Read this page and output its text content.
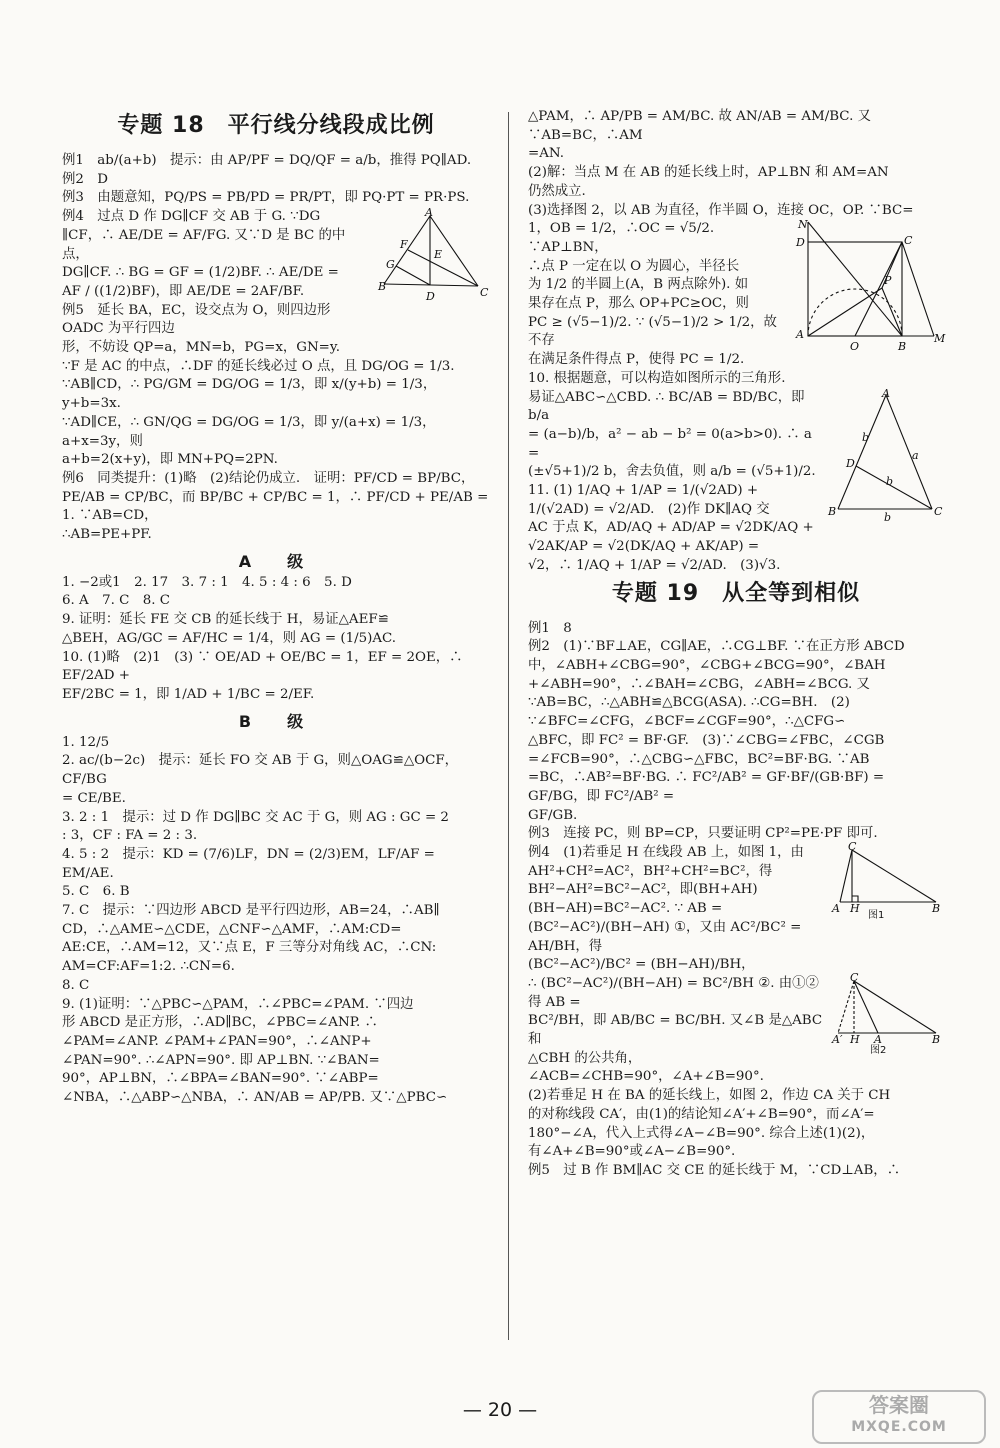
专题 18　平行线分线段成比例

例1　ab/(a+b)　提示：由 AP/PF = DQ/QF = a/b，推得 PQ∥AD.

例2　D

例3　由题意知，PQ/PS = PB/PD = PR/PT，即 PQ·PT = PR·PS.

A
B	C
D
E
F
G

例4　过点 D 作 DG∥CF 交 AB 于 G. ∵DG

∥CF，∴ AE/DE = AF/FG. 又∵D 是 BC 的中点，

DG∥CF. ∴ BG = GF = (1/2)BF. ∴ AE/DE =

AF / ((1/2)BF)，即 AE/DE = 2AF/BF.

例5　延长 BA，EC，设交点为 O，则四边形 OADC 为平行四边

形，不妨设 QP=a，MN=b，PG=x，GN=y.

∵F 是 AC 的中点，∴DF 的延长线必过 O 点，且 DG/OG = 1/3.

∵AB∥CD，∴ PG/GM = DG/OG = 1/3，即 x/(y+b) = 1/3，y+b=3x.

∵AD∥CE，∴ GN/QG = DG/OG = 1/3，即 y/(a+x) = 1/3，a+x=3y，则

a+b=2(x+y)，即 MN+PQ=2PN.

例6　同类提升：(1)略　(2)结论仍成立.　证明：PF/CD = BP/BC，

PE/AB = CP/BC，而 BP/BC + CP/BC = 1，∴ PF/CD + PE/AB = 1. ∵AB=CD，

∴AB=PE+PF.

A　级

1. −2或1　2. 17　3. 7 : 1　4. 5 : 4 : 6　5. D

6. A　7. C　8. C

9. 证明：延长 FE 交 CB 的延长线于 H，易证△AEF≌

△BEH，AG/GC = AF/HC = 1/4，则 AG = (1/5)AC.

10. (1)略　(2)1　(3) ∵ OE/AD + OE/BC = 1，EF = 2OE，∴ EF/2AD +

EF/2BC = 1，即 1/AD + 1/BC = 2/EF.

B　级

1. 12/5

2. ac/(b−2c)　提示：延长 FO 交 AB 于 G，则△OAG≌△OCF，CF/BG

= CE/BE.

3. 2 : 1　提示：过 D 作 DG∥BC 交 AC 于 G，则 AG : GC = 2

: 3，CF : FA = 2 : 3.

4. 5 : 2　提示：KD = (7/6)LF，DN = (2/3)EM，LF/AF = EM/AE.

5. C　6. B

7. C　提示：∵四边形 ABCD 是平行四边形，AB=24，∴AB∥

CD，∴△AME∽△CDE，△CNF∽△AMF，∴AM:CD=

AE:CE，∴AM=12，又∵点 E，F 三等分对角线 AC，∴CN:

AM=CF:AF=1:2. ∴CN=6.

8. C

9. (1)证明：∵△PBC∽△PAM，∴∠PBC=∠PAM. ∵四边

形 ABCD 是正方形，∴AD∥BC，∠PBC=∠ANP. ∴

∠PAM=∠ANP. ∠PAM+∠PAN=90°，∴∠ANP+

∠PAN=90°. ∴∠APN=90°. 即 AP⊥BN. ∵∠BAN=

90°，AP⊥BN，∴∠BPA=∠BAN=90°. ∵∠ABP=

∠NBA，∴△ABP∽△NBA，∴ AN/AB = AP/PB. 又∵△PBC∽

△PAM，∴ AP/PB = AM/BC. 故 AN/AB = AM/BC. 又∵AB=BC，∴AM

=AN.

(2)解：当点 M 在 AB 的延长线上时，AP⊥BN 和 AM=AN

仍然成立.

(3)选择图 2，以 AB 为直径，作半圆 O，连接 OC，OP. ∵BC=

N
D	C
P
A
O	B
M

1，OB = 1/2，∴OC = √5/2. ∵AP⊥BN，

∴点 P 一定在以 O 为圆心，半径长

为 1/2 的半圆上(A，B 两点除外). 如

果存在点 P，那么 OP+PC≥OC，则

PC ≥ (√5−1)/2. ∵ (√5−1)/2 > 1/2，故不存

在满足条件得点 P，使得 PC = 1/2.

10. 根据题意，可以构造如图所示的三角形.

A
B	C
D
b
a
b
b

易证△ABC∽△CBD. ∴ BC/AB = BD/BC，即 b/a

= (a−b)/b，a² − ab − b² = 0(a>b>0). ∴ a =

(±√5+1)/2 b，舍去负值，则 a/b = (√5+1)/2.

11. (1) 1/AQ + 1/AP = 1/(√2AD) + 1/(√2AD) = √2/AD.　(2)作 DK∥AQ 交

AC 于点 K，AD/AQ + AD/AP = √2DK/AQ + √2AK/AP = √2(DK/AQ + AK/AP) =

√2，∴ 1/AQ + 1/AP = √2/AD.　(3)√3.

专题 19　从全等到相似

例1　8

例2　(1)∵BF⊥AE，CG∥AE，∴CG⊥BF. ∵在正方形 ABCD

中，∠ABH+∠CBG=90°，∠CBG+∠BCG=90°，∠BAH

+∠ABH=90°，∴∠BAH=∠CBG，∠ABH=∠BCG. 又

∵AB=BC，∴△ABH≌△BCG(ASA). ∴CG=BH.　(2)

∵∠BFC=∠CFG，∠BCF=∠CGF=90°，∴△CFG∽

△BFC，即 FC² = BF·GF.　(3)∵∠CBG=∠FBC，∠CGB

=∠FCB=90°，∴△CBG∽△FBC，BC²=BF·BG. ∵AB

=BC，∴AB²=BF·BG. ∴ FC²/AB² = GF·BF/(GB·BF) = GF/BG，即 FC²/AB² =

GF/GB.

例3　连接 PC，则 BP=CP，只要证明 CP²=PE·PF 即可.

C
A H	B
图1

例4　(1)若垂足 H 在线段 AB 上，如图 1，由

AH²+CH²=AC²，BH²+CH²=BC²，得

BH²−AH²=BC²−AC²，即(BH+AH)

(BH−AH)=BC²−AC². ∵ AB =

(BC²−AC²)/(BH−AH) ①，又由 AC²/BC² = AH/BH，得

(BC²−AC²)/BC² = (BH−AH)/BH，

C
A′ H A	B
图2

∴ (BC²−AC²)/(BH−AH) = BC²/BH ②. 由①②得 AB =

BC²/BH，即 AB/BC = BC/BH. 又∠B 是△ABC 和

△CBH 的公共角，

∠ACB=∠CHB=90°，∠A+∠B=90°.

(2)若垂足 H 在 BA 的延长线上，如图 2，作边 CA 关于 CH

的对称线段 CA′，由(1)的结论知∠A′+∠B=90°，而∠A′=

180°−∠A，代入上式得∠A−∠B=90°. 综合上述(1)(2)，

有∠A+∠B=90°或∠A−∠B=90°.

例5　过 B 作 BM∥AC 交 CE 的延长线于 M，∵CD⊥AB，∴

— 20 —	答案圈
MXQE.COM
